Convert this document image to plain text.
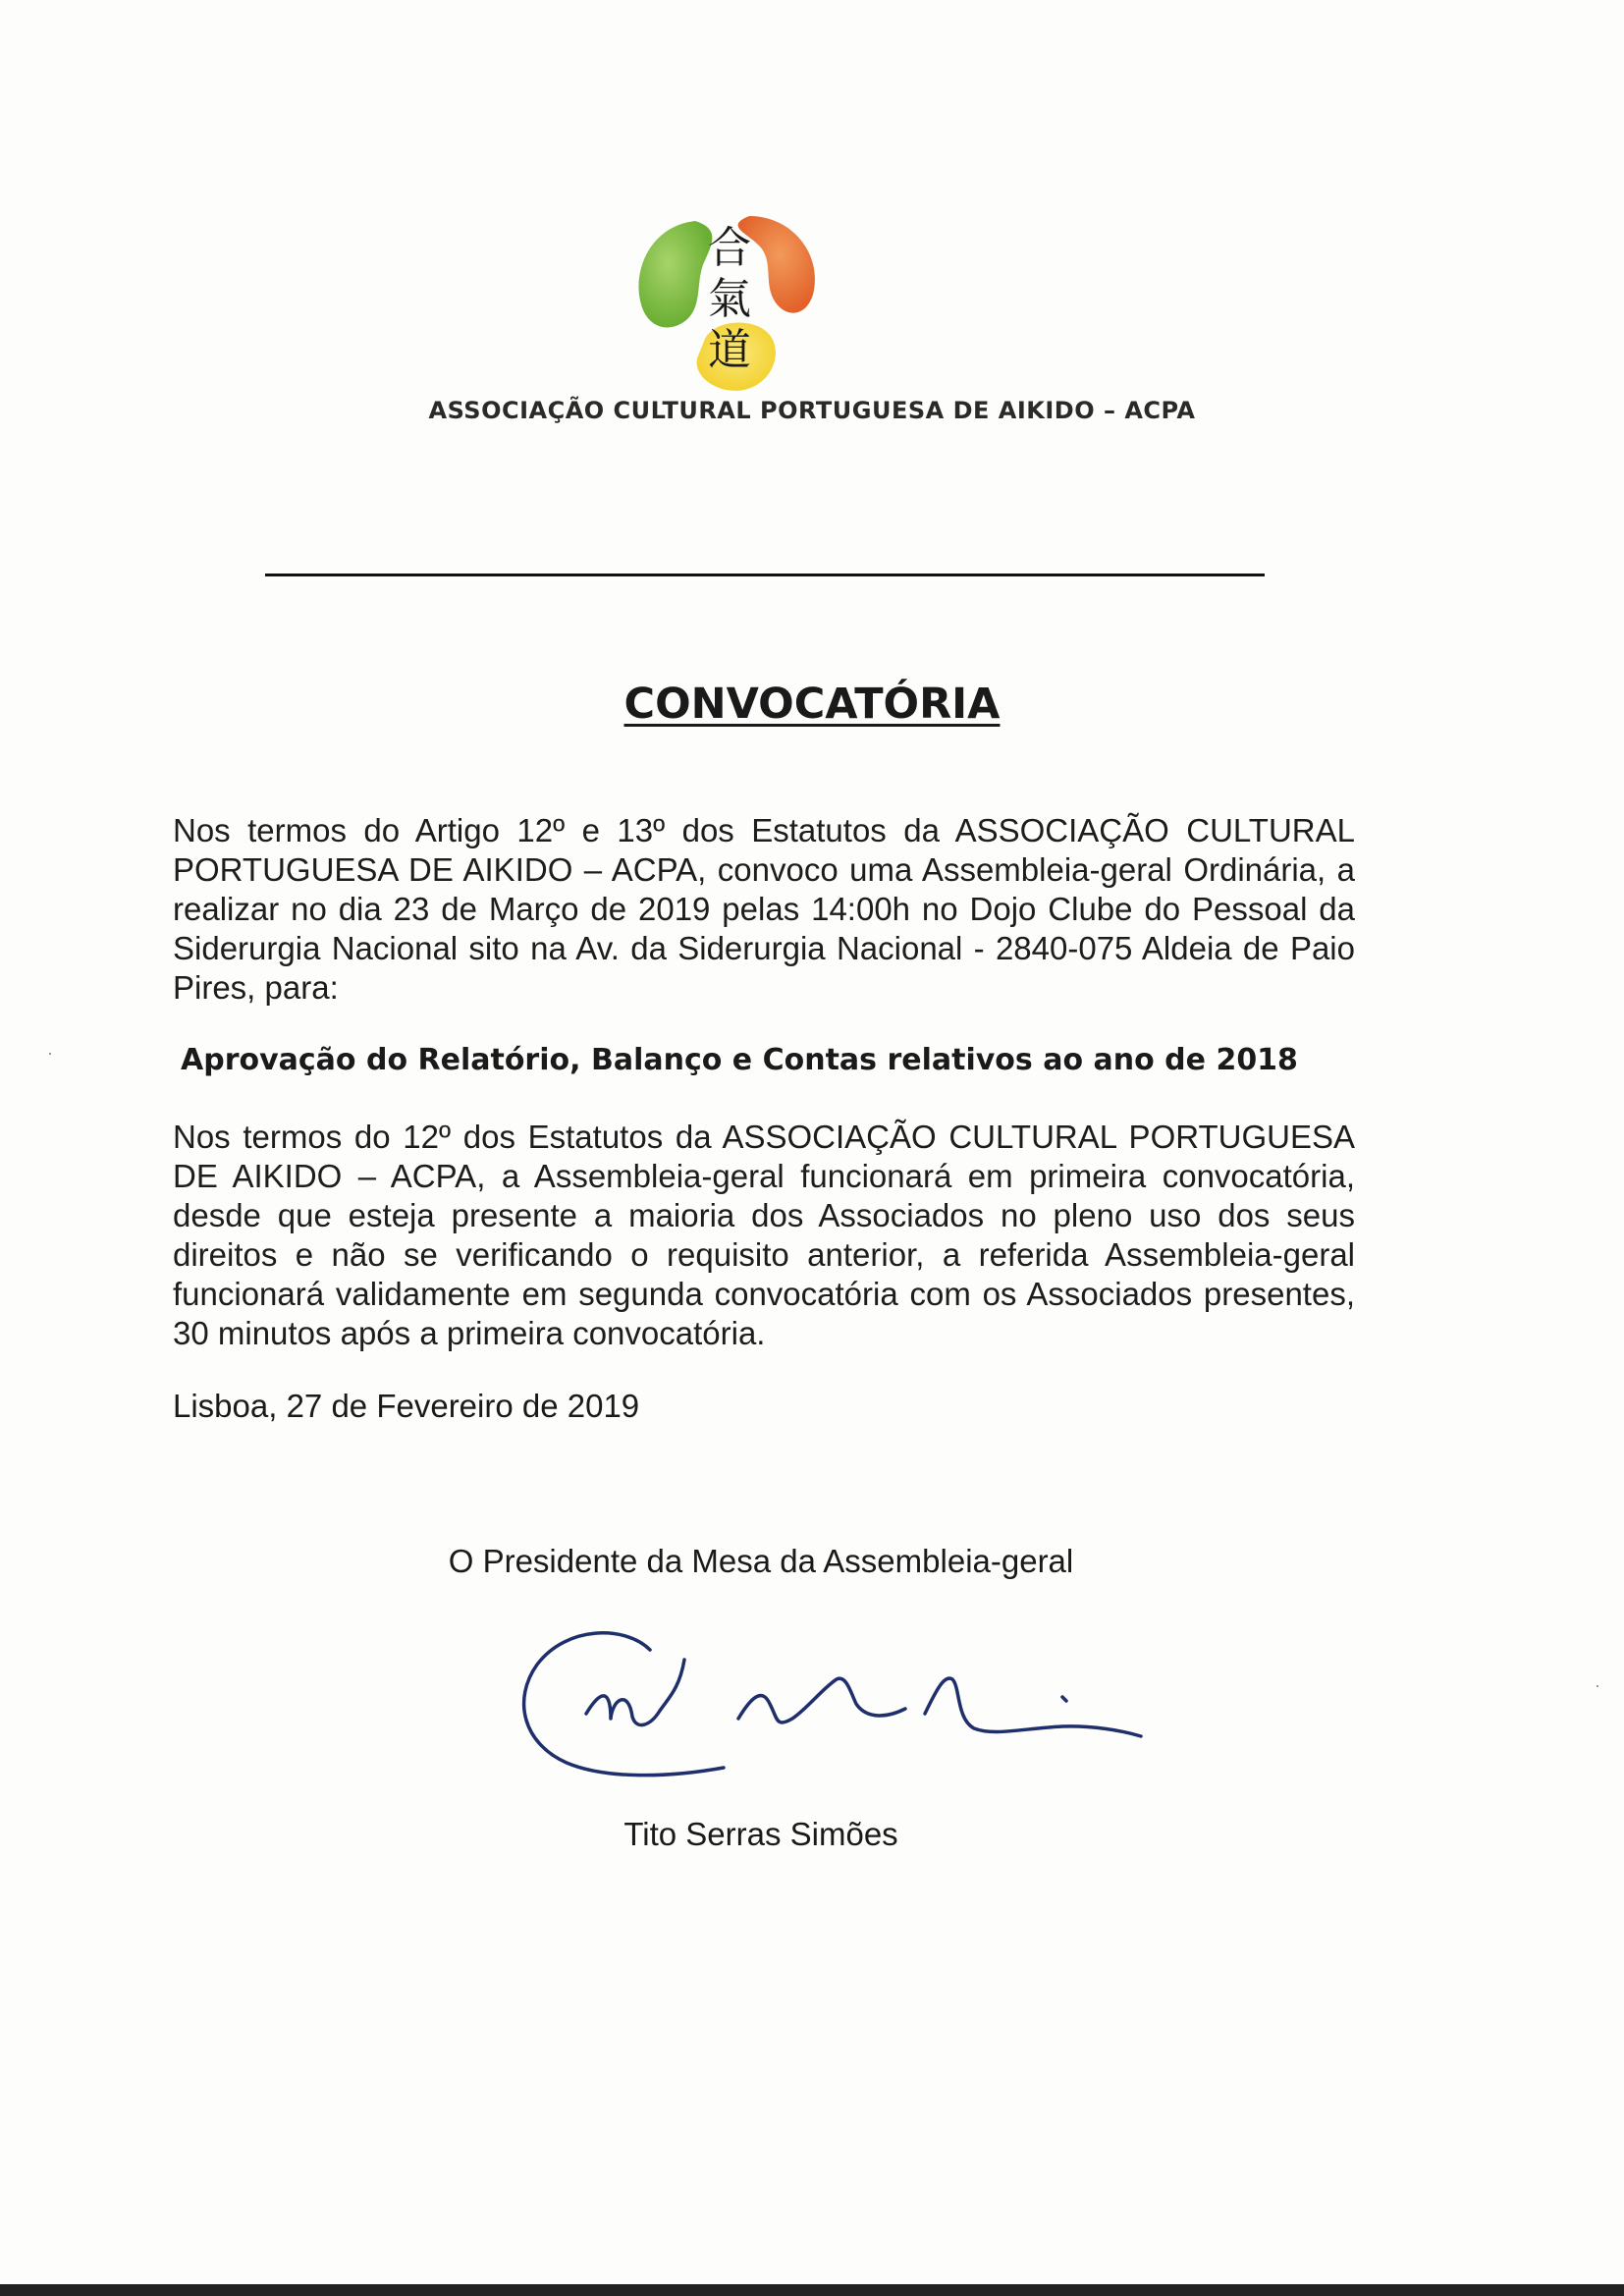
合
氣
道
ASSOCIAÇÃO CULTURAL PORTUGUESA DE AIKIDO – ACPA
CONVOCATÓRIA
Nos termos do Artigo 12º e 13º dos Estatutos da ASSOCIAÇÃO CULTURAL PORTUGUESA DE AIKIDO – ACPA, convoco uma Assembleia-geral Ordinária, a realizar no dia 23 de Março de 2019 pelas 14:00h no Dojo Clube do Pessoal da Siderurgia Nacional sito na Av. da Siderurgia Nacional - 2840-075 Aldeia de Paio Pires, para:
Aprovação do Relatório, Balanço e Contas relativos ao ano de 2018
Nos termos do 12º dos Estatutos da ASSOCIAÇÃO CULTURAL PORTUGUESA DE AIKIDO – ACPA, a Assembleia-geral funcionará em primeira convocatória, desde que esteja presente a maioria dos Associados no pleno uso dos seus direitos e não se verificando o requisito anterior, a referida Assembleia-geral funcionará validamente em segunda convocatória com os Associados presentes, 30 minutos após a primeira convocatória.
Lisboa, 27 de Fevereiro de 2019
O Presidente da Mesa da Assembleia-geral
Tito Serras Simões
